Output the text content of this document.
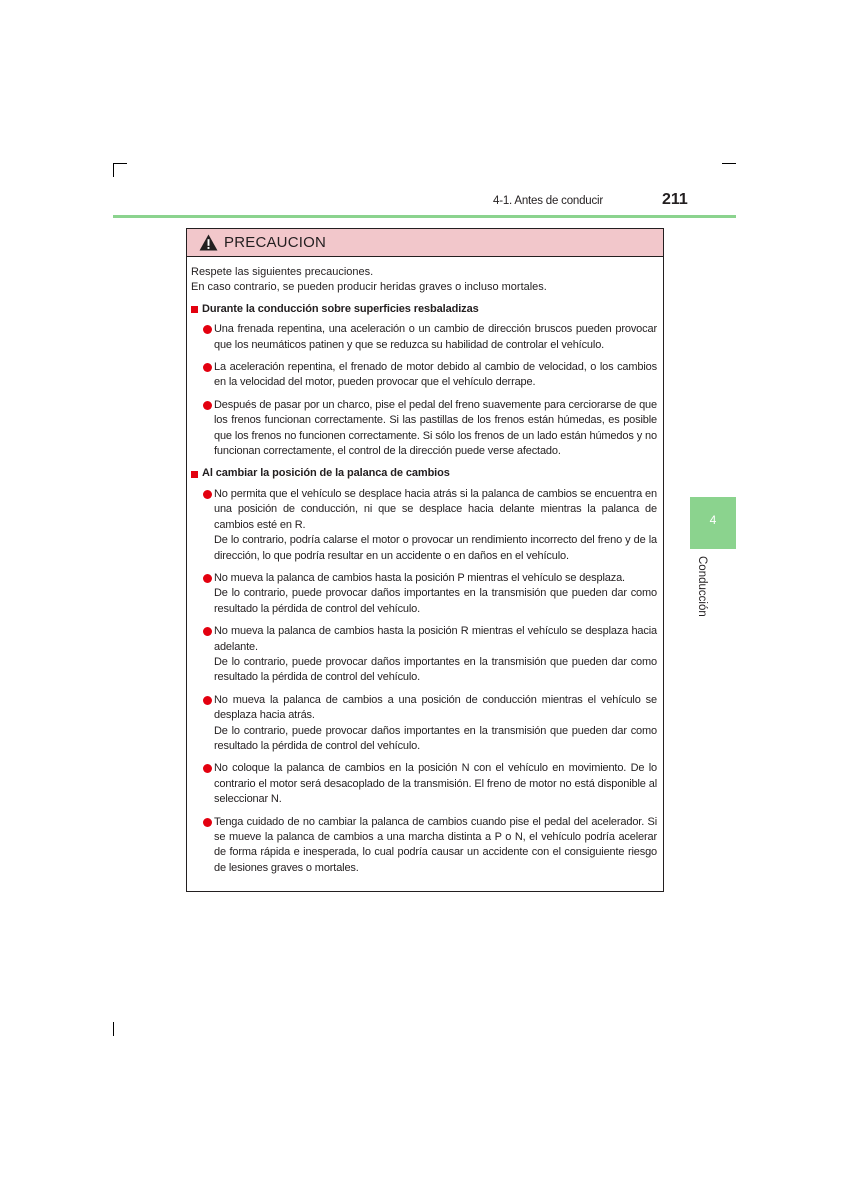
4-1. Antes de conducir	211
4
Conducción
PRECAUCION

Respete las siguientes precauciones.

En caso contrario, se pueden producir heridas graves o incluso mortales.

Durante la conducción sobre superficies resbaladizas

Una frenada repentina, una aceleración o un cambio de dirección bruscos pueden provocar que los neumáticos patinen y que se reduzca su habilidad de controlar el vehículo.

La aceleración repentina, el frenado de motor debido al cambio de velocidad, o los cambios en la velocidad del motor, pueden provocar que el vehículo derrape.

Después de pasar por un charco, pise el pedal del freno suavemente para cerciorarse de que los frenos funcionan correctamente. Si las pastillas de los frenos están húmedas, es posible que los frenos no funcionen correctamente. Si sólo los frenos de un lado están húmedos y no funcionan correctamente, el control de la dirección puede verse afectado.

Al cambiar la posición de la palanca de cambios

No permita que el vehículo se desplace hacia atrás si la palanca de cambios se encuentra en una posición de conducción, ni que se desplace hacia delante mientras la palanca de cambios esté en R.

De lo contrario, podría calarse el motor o provocar un rendimiento incorrecto del freno y de la dirección, lo que podría resultar en un accidente o en daños en el vehículo.

No mueva la palanca de cambios hasta la posición P mientras el vehículo se desplaza.

De lo contrario, puede provocar daños importantes en la transmisión que pueden dar como resultado la pérdida de control del vehículo.

No mueva la palanca de cambios hasta la posición R mientras el vehículo se desplaza hacia adelante.

De lo contrario, puede provocar daños importantes en la transmisión que pueden dar como resultado la pérdida de control del vehículo.

No mueva la palanca de cambios a una posición de conducción mientras el vehículo se desplaza hacia atrás.

De lo contrario, puede provocar daños importantes en la transmisión que pueden dar como resultado la pérdida de control del vehículo.

No coloque la palanca de cambios en la posición N con el vehículo en movimiento. De lo contrario el motor será desacoplado de la transmisión. El freno de motor no está disponible al seleccionar N.

Tenga cuidado de no cambiar la palanca de cambios cuando pise el pedal del acelerador. Si se mueve la palanca de cambios a una marcha distinta a P o N, el vehículo podría acelerar de forma rápida e inesperada, lo cual podría causar un accidente con el consiguiente riesgo de lesiones graves o mortales.
